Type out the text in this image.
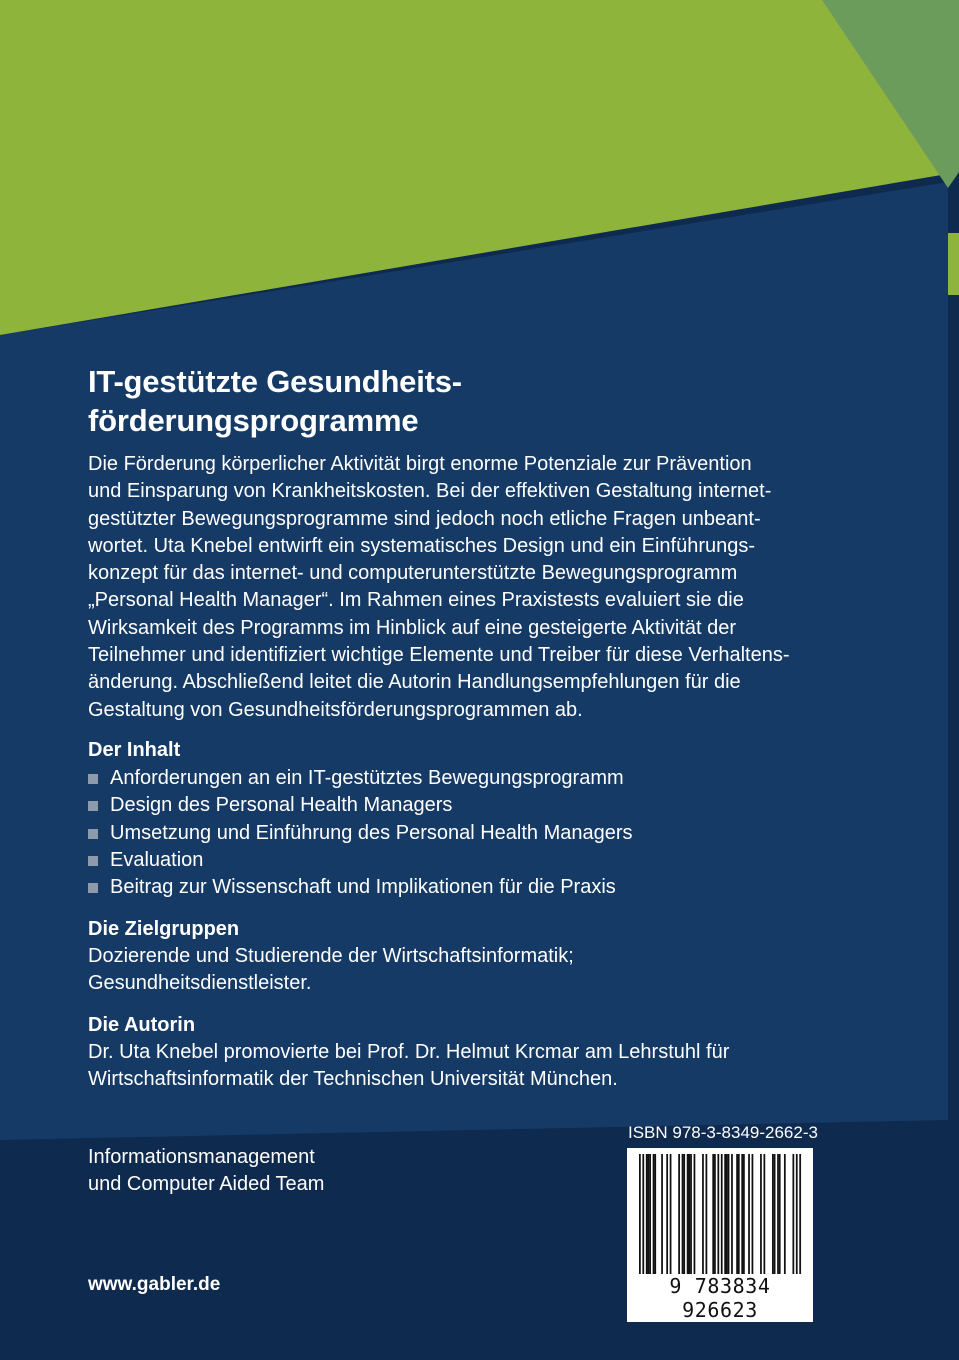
IT-gestützte Gesundheits-
förderungsprogramme
Die Förderung körperlicher Aktivität birgt enorme Potenziale zur Prävention
und Einsparung von Krankheitskosten. Bei der effektiven Gestaltung internet-
gestützter Bewegungsprogramme sind jedoch noch etliche Fragen unbeant-
wortet. Uta Knebel entwirft ein systematisches Design und ein Einführungs-
konzept für das internet- und computerunterstützte Bewegungsprogramm
„Personal Health Manager“. Im Rahmen eines Praxistests evaluiert sie die
Wirksamkeit des Programms im Hinblick auf eine gesteigerte Aktivität der
Teilnehmer und identifiziert wichtige Elemente und Treiber für diese Verhaltens-
änderung. Abschließend leitet die Autorin Handlungsempfehlungen für die
Gestaltung von Gesundheitsförderungsprogrammen ab.
Der Inhalt
Anforderungen an ein IT-gestütztes Bewegungsprogramm
Design des Personal Health Managers
Umsetzung und Einführung des Personal Health Managers
Evaluation
Beitrag zur Wissenschaft und Implikationen für die Praxis
Die Zielgruppen
Dozierende und Studierende der Wirtschaftsinformatik;
Gesundheitsdienstleister.
Die Autorin
Dr. Uta Knebel promovierte bei Prof. Dr. Helmut Krcmar am Lehrstuhl für
Wirtschaftsinformatik der Technischen Universität München.
Informationsmanagement
und Computer Aided Team
www.gabler.de
ISBN 978-3-8349-2662-3
9 783834 926623
